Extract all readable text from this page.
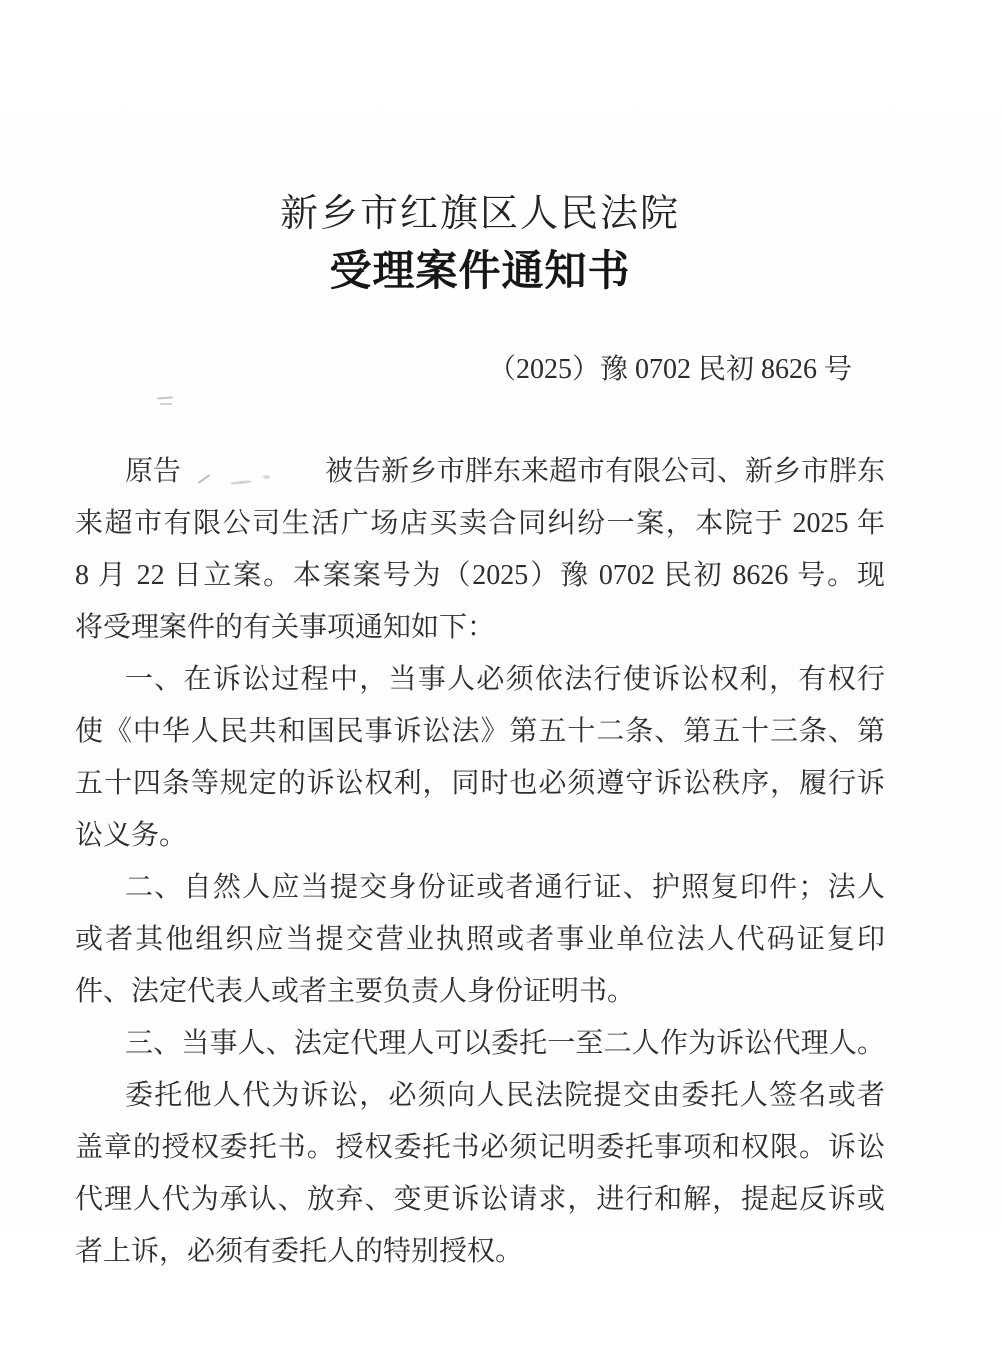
新乡市红旗区人民法院
受理案件通知书
（2025）豫 0702 民初 8626 号
原告	被告新乡市胖东来超市有限公司、新乡市胖东
来超市有限公司生活广场店买卖合同纠纷一案，本院于 2025 年
8 月 22 日立案。本案案号为（2025）豫 0702 民初 8626 号。现
将受理案件的有关事项通知如下：
一、在诉讼过程中，当事人必须依法行使诉讼权利，有权行
使《中华人民共和国民事诉讼法》第五十二条、第五十三条、第
五十四条等规定的诉讼权利，同时也必须遵守诉讼秩序，履行诉
讼义务。
二、自然人应当提交身份证或者通行证、护照复印件；法人
或者其他组织应当提交营业执照或者事业单位法人代码证复印
件、法定代表人或者主要负责人身份证明书。
三、当事人、法定代理人可以委托一至二人作为诉讼代理人。
委托他人代为诉讼，必须向人民法院提交由委托人签名或者
盖章的授权委托书。授权委托书必须记明委托事项和权限。诉讼
代理人代为承认、放弃、变更诉讼请求，进行和解，提起反诉或
者上诉，必须有委托人的特别授权。
